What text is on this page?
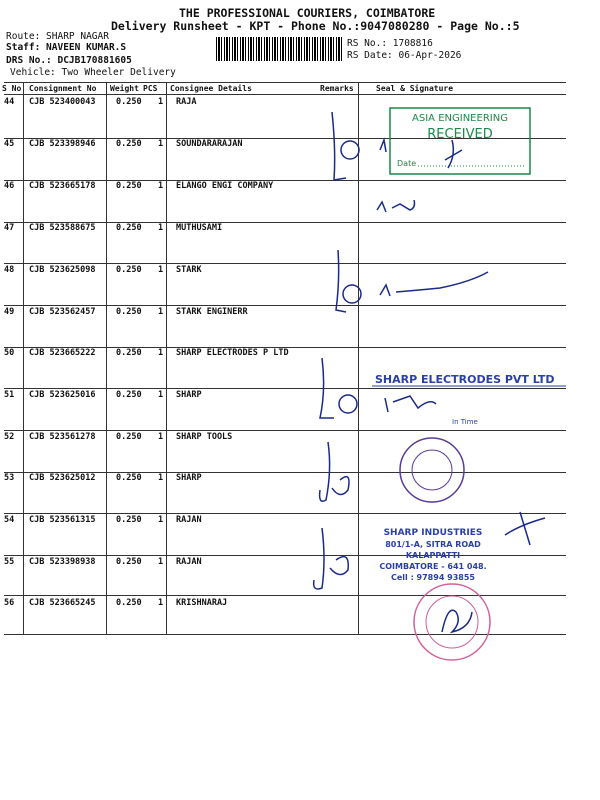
THE PROFESSIONAL COURIERS, COIMBATORE
Delivery Runsheet - KPT - Phone No.:9047080280 - Page No.:5
Route: SHARP NAGAR
Staff: NAVEEN KUMAR.S
DRS No.: DCJB170881605
Vehicle: Two Wheeler Delivery
RS No.: 1708816
RS Date: 06-Apr-2026
S No Consignment No Weight PCS Consignee Details	Remarks	Seal & Signature
44 CJB 523400043 0.250 1 RAJA
45 CJB 523398946 0.250 1 SOUNDARARAJAN
46 CJB 523665178 0.250 1 ELANGO ENGI COMPANY
47 CJB 523588675 0.250 1 MUTHUSAMI
48 CJB 523625098 0.250 1 STARK
49 CJB 523562457 0.250 1 STARK ENGINERR
50 CJB 523665222 0.250 1 SHARP ELECTRODES P LTD
51 CJB 523625016 0.250 1 SHARP
52 CJB 523561278 0.250 1 SHARP TOOLS
53 CJB 523625012 0.250 1 SHARP
54 CJB 523561315 0.250 1 RAJAN
55 CJB 523398938 0.250 1 RAJAN
56 CJB 523665245 0.250 1 KRISHNARAJ
ASIA ENGINEERING
RECEIVED
Date
SHARP ELECTRODES PVT LTD
In Time
SHARP INDUSTRIES
801/1-A, SITRA ROAD
KALAPPATTI
COIMBATORE - 641 048.
Cell : 97894 93855
